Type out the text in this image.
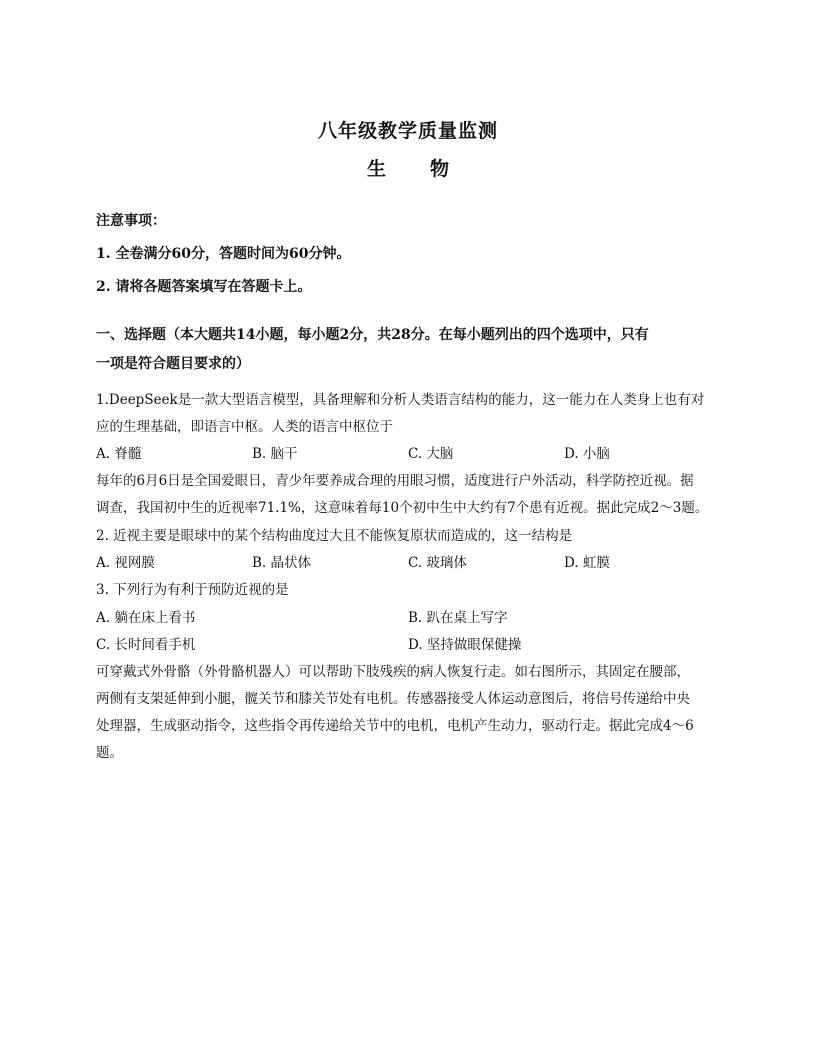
八年级教学质量监测
生 物
注意事项：
1. 全卷满分60分，答题时间为60分钟。
2. 请将各题答案填写在答题卡上。
一、选择题（本大题共14小题，每小题2分，共28分。在每小题列出的四个选项中，只有
一项是符合题目要求的）
1.DeepSeek是一款大型语言模型，具备理解和分析人类语言结构的能力，这一能力在人类身上也有对
应的生理基础，即语言中枢。人类的语言中枢位于
A. 脊髓	B. 脑干	C. 大脑	D. 小脑
每年的6月6日是全国爱眼日，青少年要养成合理的用眼习惯，适度进行户外活动，科学防控近视。据
调查，我国初中生的近视率71.1%，这意味着每10个初中生中大约有7个患有近视。据此完成2～3题。
2. 近视主要是眼球中的某个结构曲度过大且不能恢复原状而造成的，这一结构是
A. 视网膜	B. 晶状体	C. 玻璃体	D. 虹膜
3. 下列行为有利于预防近视的是
A. 躺在床上看书	B. 趴在桌上写字
C. 长时间看手机	D. 坚持做眼保健操
可穿戴式外骨骼（外骨骼机器人）可以帮助下肢残疾的病人恢复行走。如右图所示，其固定在腰部，
两侧有支架延伸到小腿，髋关节和膝关节处有电机。传感器接受人体运动意图后，将信号传递给中央
处理器，生成驱动指令，这些指令再传递给关节中的电机，电机产生动力，驱动行走。据此完成4～6
题。
